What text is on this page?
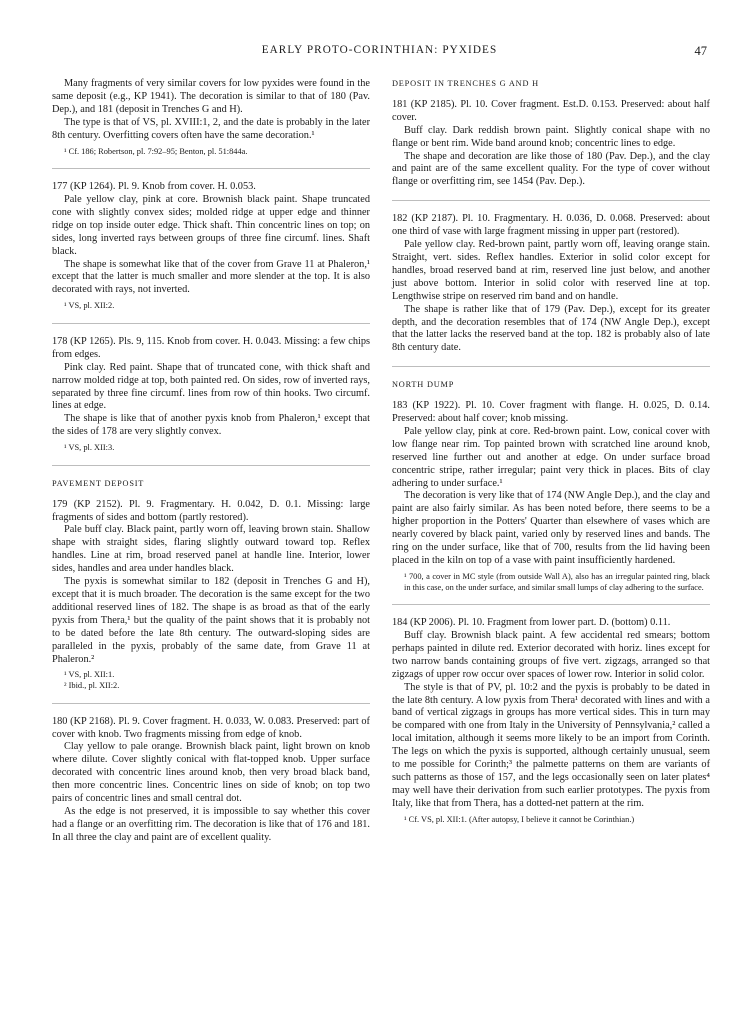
EARLY PROTO-CORINTHIAN: PYXIDES	47

Many fragments of very similar covers for low pyxides were found in the same deposit (e.g., KP 1941). The decoration is similar to that of 180 (Pav. Dep.), and 181 (deposit in Trenches G and H).

The type is that of VS, pl. XVIII:1, 2, and the date is probably in the later 8th century. Overfitting covers often have the same decoration.¹

¹ Cf. 186; Robertson, pl. 7:92–95; Benton, pl. 51:844a.

177 (KP 1264). Pl. 9. Knob from cover. H. 0.053.

Pale yellow clay, pink at core. Brownish black paint. Shape truncated cone with slightly convex sides; molded ridge at upper edge and thinner ridge on top inside outer edge. Thick shaft. Thin concentric lines on top; on sides, long inverted rays between groups of three fine circumf. lines. Shaft black.

The shape is somewhat like that of the cover from Grave 11 at Phaleron,¹ except that the latter is much smaller and more slender at the top. It is also decorated with rays, not inverted.

¹ VS, pl. XII:2.

178 (KP 1265). Pls. 9, 115. Knob from cover. H. 0.043. Missing: a few chips from edges.

Pink clay. Red paint. Shape that of truncated cone, with thick shaft and narrow molded ridge at top, both painted red. On sides, row of inverted rays, separated by three fine circumf. lines from row of thin hooks. Two circumf. lines at edge.

The shape is like that of another pyxis knob from Phaleron,¹ except that the sides of 178 are very slightly convex.

¹ VS, pl. XII:3.

PAVEMENT DEPOSIT

179 (KP 2152). Pl. 9. Fragmentary. H. 0.042, D. 0.1. Missing: large fragments of sides and bottom (partly restored).

Pale buff clay. Black paint, partly worn off, leaving brown stain. Shallow shape with straight sides, flaring slightly outward toward top. Reflex handles. Line at rim, broad reserved panel at handle line. Interior, lower sides, handles and area under handles black.

The pyxis is somewhat similar to 182 (deposit in Trenches G and H), except that it is much broader. The decoration is the same except for the two additional reserved lines of 182. The shape is as broad as that of the early pyxis from Thera,¹ but the quality of the paint shows that it is probably not to be dated before the late 8th century. The outward-sloping sides are paralleled in the pyxis, probably of the same date, from Grave 11 at Phaleron.²

¹ VS, pl. XII:1.

² Ibid., pl. XII:2.

180 (KP 2168). Pl. 9. Cover fragment. H. 0.033, W. 0.083. Preserved: part of cover with knob. Two fragments missing from edge of knob.

Clay yellow to pale orange. Brownish black paint, light brown on knob where dilute. Cover slightly conical with flat-topped knob. Upper surface decorated with concentric lines around knob, then very broad black band, then more concentric lines. Concentric lines on side of knob; on top two pairs of concentric lines and small central dot.

As the edge is not preserved, it is impossible to say whether this cover had a flange or an overfitting rim. The decoration is like that of 176 and 181. In all three the clay and paint are of excellent quality.

DEPOSIT IN TRENCHES G AND H

181 (KP 2185). Pl. 10. Cover fragment. Est.D. 0.153. Preserved: about half cover.

Buff clay. Dark reddish brown paint. Slightly conical shape with no flange or bent rim. Wide band around knob; concentric lines to edge.

The shape and decoration are like those of 180 (Pav. Dep.), and the clay and paint are of the same excellent quality. For the type of cover without flange or overfitting rim, see 1454 (Pav. Dep.).

182 (KP 2187). Pl. 10. Fragmentary. H. 0.036, D. 0.068. Preserved: about one third of vase with large fragment missing in upper part (restored).

Pale yellow clay. Red-brown paint, partly worn off, leaving orange stain. Straight, vert. sides. Reflex handles. Exterior in solid color except for handles, broad reserved band at rim, reserved line just below, and another just above bottom. Interior in solid color with reserved line at top. Lengthwise stripe on reserved rim band and on handle.

The shape is rather like that of 179 (Pav. Dep.), except for its greater depth, and the decoration resembles that of 174 (NW Angle Dep.), except that the latter lacks the reserved band at the top. 182 is probably also of late 8th century date.

NORTH DUMP

183 (KP 1922). Pl. 10. Cover fragment with flange. H. 0.025, D. 0.14. Preserved: about half cover; knob missing.

Pale yellow clay, pink at core. Red-brown paint. Low, conical cover with low flange near rim. Top painted brown with scratched line around knob, reserved line further out and another at edge. On under surface broad concentric stripe, rather irregular; paint very thick in places. Bits of clay adhering to under surface.¹

The decoration is very like that of 174 (NW Angle Dep.), and the clay and paint are also fairly similar. As has been noted before, there seems to be a higher proportion in the Potters' Quarter than elsewhere of vases which are nearly covered by black paint, varied only by reserved lines and bands. The ring on the under surface, like that of 700, results from the lid having been placed in the kiln on top of a vase with paint insufficiently hardened.

¹ 700, a cover in MC style (from outside Wall A), also has an irregular painted ring, black in this case, on the under surface, and similar small lumps of clay adhering to the surface.

184 (KP 2006). Pl. 10. Fragment from lower part. D. (bottom) 0.11.

Buff clay. Brownish black paint. A few accidental red smears; bottom perhaps painted in dilute red. Exterior decorated with horiz. lines except for two narrow bands containing groups of five vert. zigzags, arranged so that zigzags of upper row occur over spaces of lower row. Interior in solid color.

The style is that of PV, pl. 10:2 and the pyxis is probably to be dated in the late 8th century. A low pyxis from Thera¹ decorated with lines and with a band of vertical zigzags in groups has more vertical sides. This in turn may be compared with one from Italy in the University of Pennsylvania,² called a local imitation, although it seems more likely to be an import from Corinth. The legs on which the pyxis is supported, although certainly unusual, seem to me possible for Corinth;³ the palmette patterns on them are variants of such patterns as those of 157, and the legs occasionally seen on later plates⁴ may well have their derivation from such earlier prototypes. The pyxis from Italy, like that from Thera, has a dotted-net pattern at the rim.

¹ Cf. VS, pl. XII:1. (After autopsy, I believe it cannot be Corinthian.)
